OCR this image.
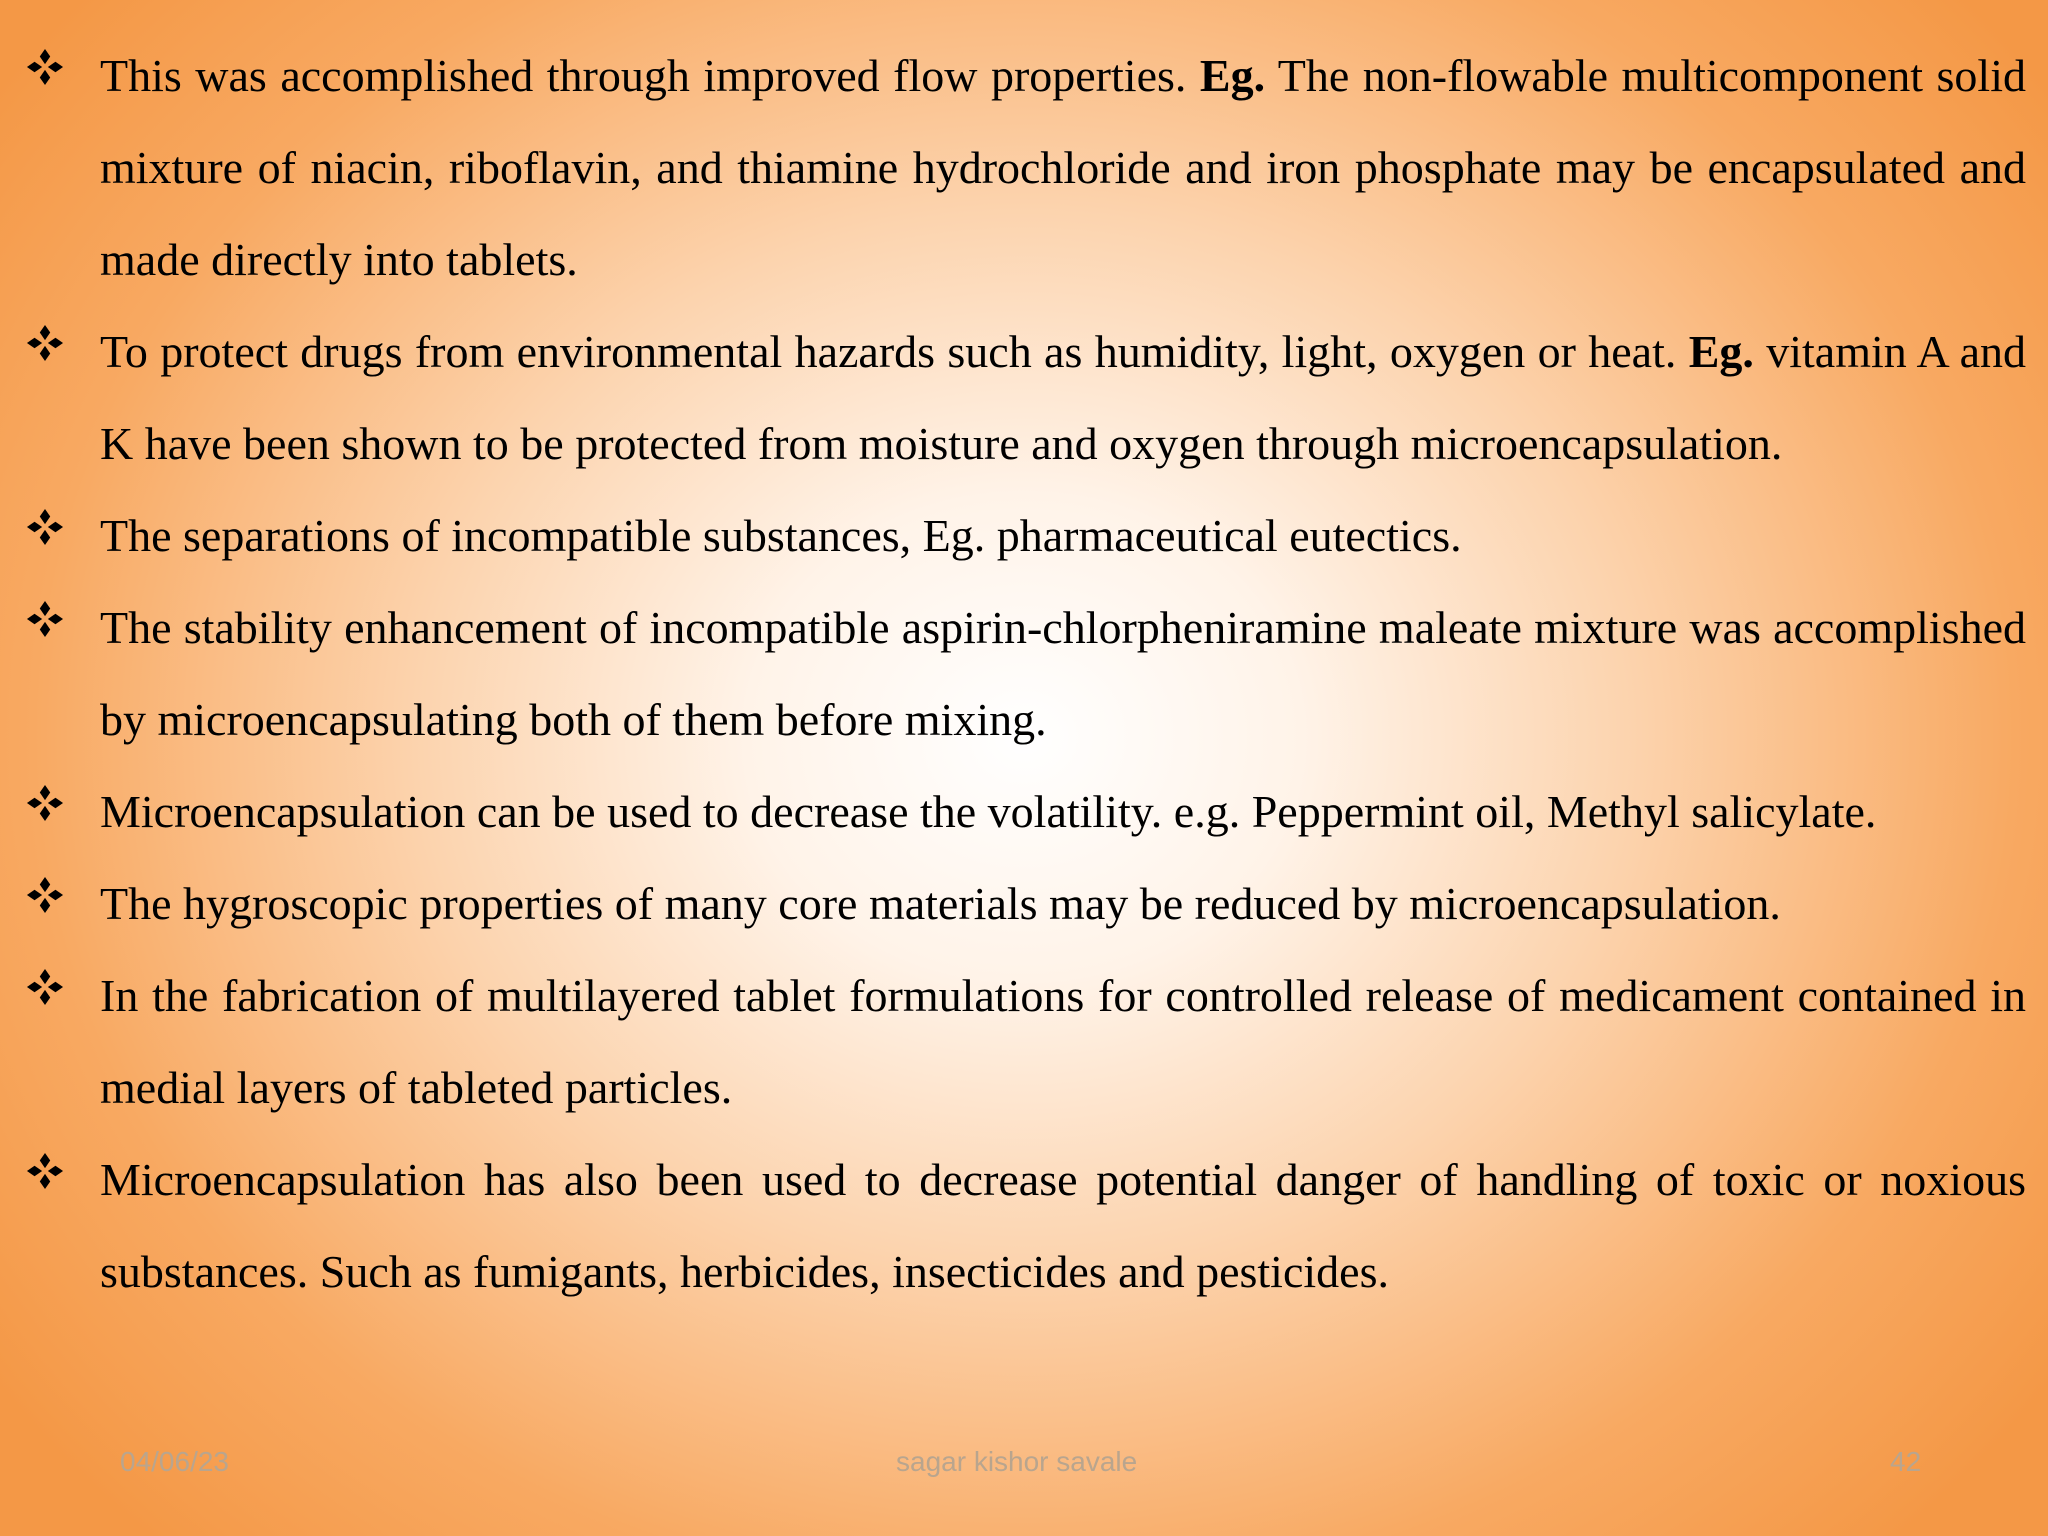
This was accomplished through improved flow properties. Eg. The non-flowable multicomponent solid mixture of niacin, riboflavin, and thiamine hydrochloride and iron phosphate may be encapsulated and made directly into tablets.

To protect drugs from environmental hazards such as humidity, light, oxygen or heat. Eg. vitamin A and K have been shown to be protected from moisture and oxygen through microencapsulation.

The separations of incompatible substances, Eg. pharmaceutical eutectics.

The stability enhancement of incompatible aspirin-chlorpheniramine maleate mixture was accomplished by microencapsulating both of them before mixing.

Microencapsulation can be used to decrease the volatility. e.g. Peppermint oil, Methyl salicylate.

The hygroscopic properties of many core materials may be reduced by microencapsulation.

In the fabrication of multilayered tablet formulations for controlled release of medicament contained in medial layers of tableted particles.

Microencapsulation has also been used to decrease potential danger of handling of toxic or noxious substances. Such as fumigants, herbicides, insecticides and pesticides.

04/06/23	sagar kishor savale	42
